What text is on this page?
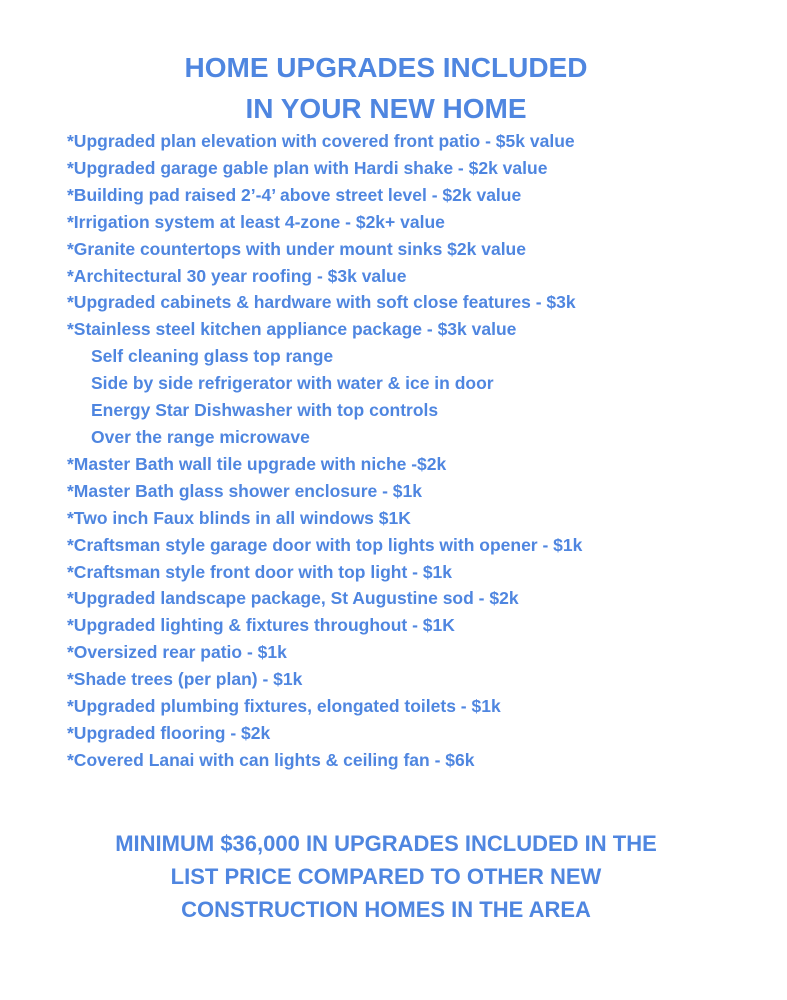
HOME UPGRADES INCLUDED
IN YOUR NEW HOME
*Upgraded plan elevation with covered front patio - $5k value
*Upgraded garage gable plan with Hardi shake - $2k value
*Building pad raised 2’-4’ above street level - $2k value
*Irrigation system at least 4-zone - $2k+ value
*Granite countertops with under mount sinks $2k value
*Architectural 30 year roofing - $3k value
*Upgraded cabinets & hardware with soft close features - $3k
*Stainless steel kitchen appliance package - $3k value
Self cleaning glass top range
Side by side refrigerator with water & ice in door
Energy Star Dishwasher with top controls
Over the range microwave
*Master Bath wall tile upgrade with niche -$2k
*Master Bath glass shower enclosure - $1k
*Two inch Faux blinds in all windows $1K
*Craftsman style garage door with top lights with opener - $1k
*Craftsman style front door with top light - $1k
*Upgraded landscape package, St Augustine sod - $2k
*Upgraded lighting & fixtures throughout - $1K
*Oversized rear patio - $1k
*Shade trees (per plan) - $1k
*Upgraded plumbing fixtures, elongated toilets - $1k
*Upgraded flooring - $2k
*Covered Lanai with can lights & ceiling fan - $6k
MINIMUM $36,000 IN UPGRADES INCLUDED IN THE
LIST PRICE COMPARED TO OTHER NEW
CONSTRUCTION HOMES IN THE AREA
